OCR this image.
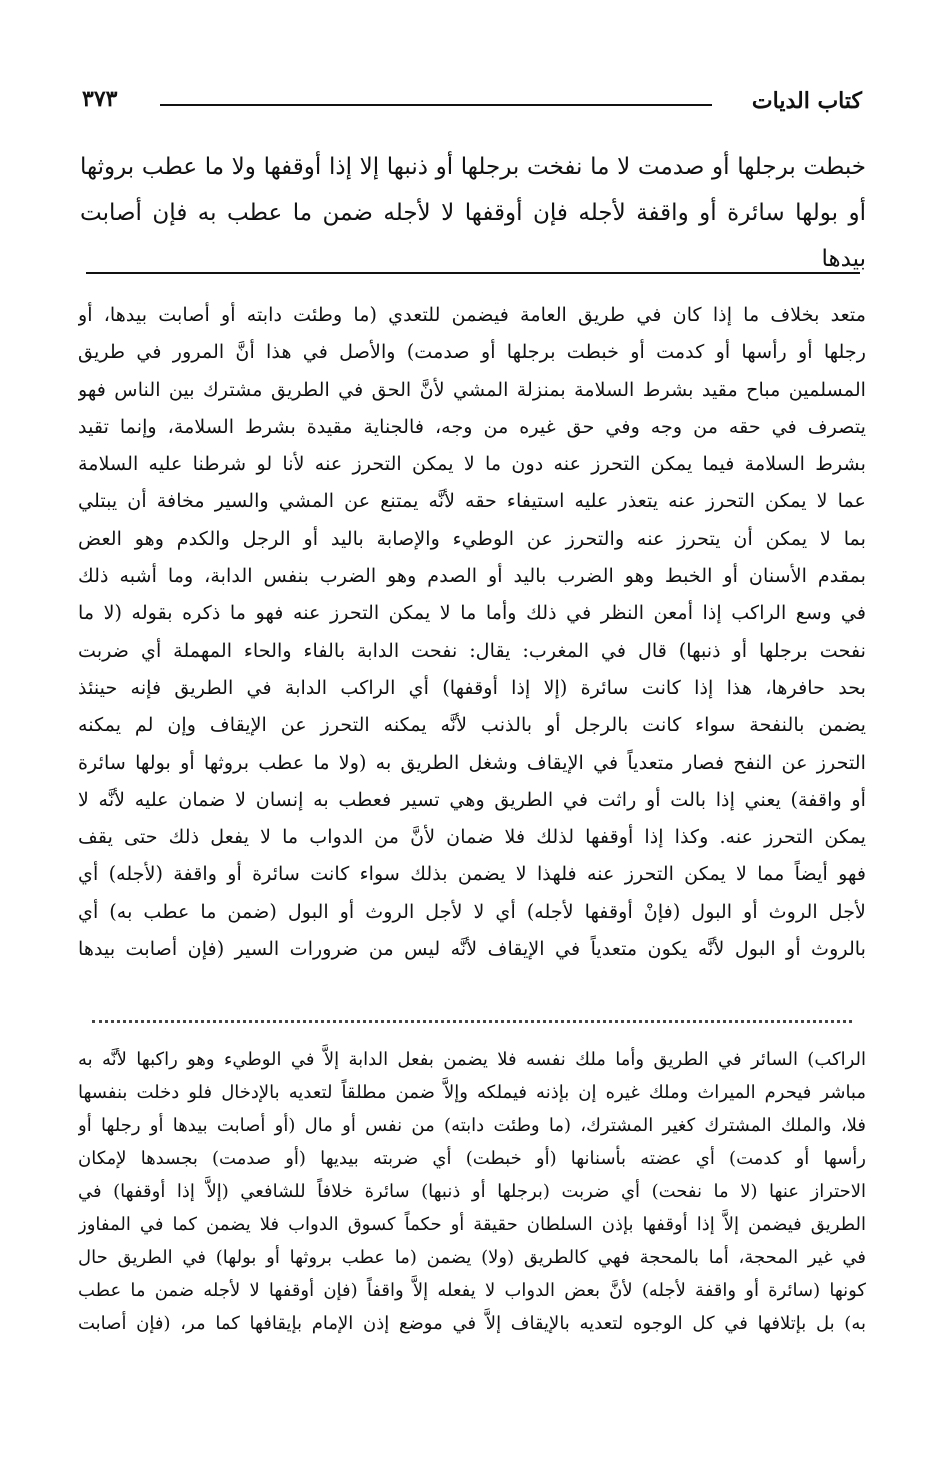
كتاب الديات
٣٧٣

خبطت برجلها أو صدمت لا ما نفخت برجلها أو ذنبها إلا إذا أوقفها ولا ما عطب بروثها

أو بولها سائرة أو واقفة لأجله فإن أوقفها لا لأجله ضمن ما عطب به فإن أصابت بيدها

متعد بخلاف ما إذا كان في طريق العامة فيضمن للتعدي (ما وطئت دابته أو أصابت بيدها، أو

رجلها أو رأسها أو كدمت أو خبطت برجلها أو صدمت) والأصل في هذا أنَّ المرور في طريق

المسلمين مباح مقيد بشرط السلامة بمنزلة المشي لأنَّ الحق في الطريق مشترك بين الناس فهو

يتصرف في حقه من وجه وفي حق غيره من وجه، فالجناية مقيدة بشرط السلامة، وإنما تقيد

بشرط السلامة فيما يمكن التحرز عنه دون ما لا يمكن التحرز عنه لأنا لو شرطنا عليه السلامة

عما لا يمكن التحرز عنه يتعذر عليه استيفاء حقه لأنَّه يمتنع عن المشي والسير مخافة أن يبتلي

بما لا يمكن أن يتحرز عنه والتحرز عن الوطيء والإصابة باليد أو الرجل والكدم وهو العض

بمقدم الأسنان أو الخبط وهو الضرب باليد أو الصدم وهو الضرب بنفس الدابة، وما أشبه ذلك

في وسع الراكب إذا أمعن النظر في ذلك وأما ما لا يمكن التحرز عنه فهو ما ذكره بقوله (لا ما

نفحت برجلها أو ذنبها) قال في المغرب: يقال: نفحت الدابة بالفاء والحاء المهملة أي ضربت

بحد حافرها، هذا إذا كانت سائرة (إلا إذا أوقفها) أي الراكب الدابة في الطريق فإنه حينئذ

يضمن بالنفحة سواء كانت بالرجل أو بالذنب لأنَّه يمكنه التحرز عن الإيقاف وإن لم يمكنه

التحرز عن النفح فصار متعدياً في الإيقاف وشغل الطريق به (ولا ما عطب بروثها أو بولها سائرة

أو واقفة) يعني إذا بالت أو راثت في الطريق وهي تسير فعطب به إنسان لا ضمان عليه لأنَّه لا

يمكن التحرز عنه. وكذا إذا أوقفها لذلك فلا ضمان لأنَّ من الدواب ما لا يفعل ذلك حتى يقف

فهو أيضاً مما لا يمكن التحرز عنه فلهذا لا يضمن بذلك سواء كانت سائرة أو واقفة (لأجله) أي

لأجل الروث أو البول (فإنْ أوقفها لأجله) أي لا لأجل الروث أو البول (ضمن ما عطب به) أي

بالروث أو البول لأنَّه يكون متعدياً في الإيقاف لأنَّه ليس من ضرورات السير (فإن أصابت بيدها

الراكب) السائر في الطريق وأما ملك نفسه فلا يضمن بفعل الدابة إلاَّ في الوطيء وهو راكبها لأنَّه به

مباشر فيحرم الميراث وملك غيره إن بإذنه فيملكه وإلاَّ ضمن مطلقاً لتعديه بالإدخال فلو دخلت بنفسها

فلا، والملك المشترك كغير المشترك، (ما وطئت دابته) من نفس أو مال (أو أصابت بيدها أو رجلها أو

رأسها أو كدمت) أي عضته بأسنانها (أو خبطت) أي ضربته بيديها (أو صدمت) بجسدها لإمكان

الاحتراز عنها (لا ما نفحت) أي ضربت (برجلها أو ذنبها) سائرة خلافاً للشافعي (إلاَّ إذا أوقفها) في

الطريق فيضمن إلاَّ إذا أوقفها بإذن السلطان حقيقة أو حكماً كسوق الدواب فلا يضمن كما في المفاوز

في غير المحجة، أما بالمحجة فهي كالطريق (ولا) يضمن (ما عطب بروثها أو بولها) في الطريق حال

كونها (سائرة أو واقفة لأجله) لأنَّ بعض الدواب لا يفعله إلاَّ واقفاً (فإن أوقفها لا لأجله ضمن ما عطب

به) بل بإتلافها في كل الوجوه لتعديه بالإيقاف إلاَّ في موضع إذن الإمام بإيقافها كما مر، (فإن أصابت
